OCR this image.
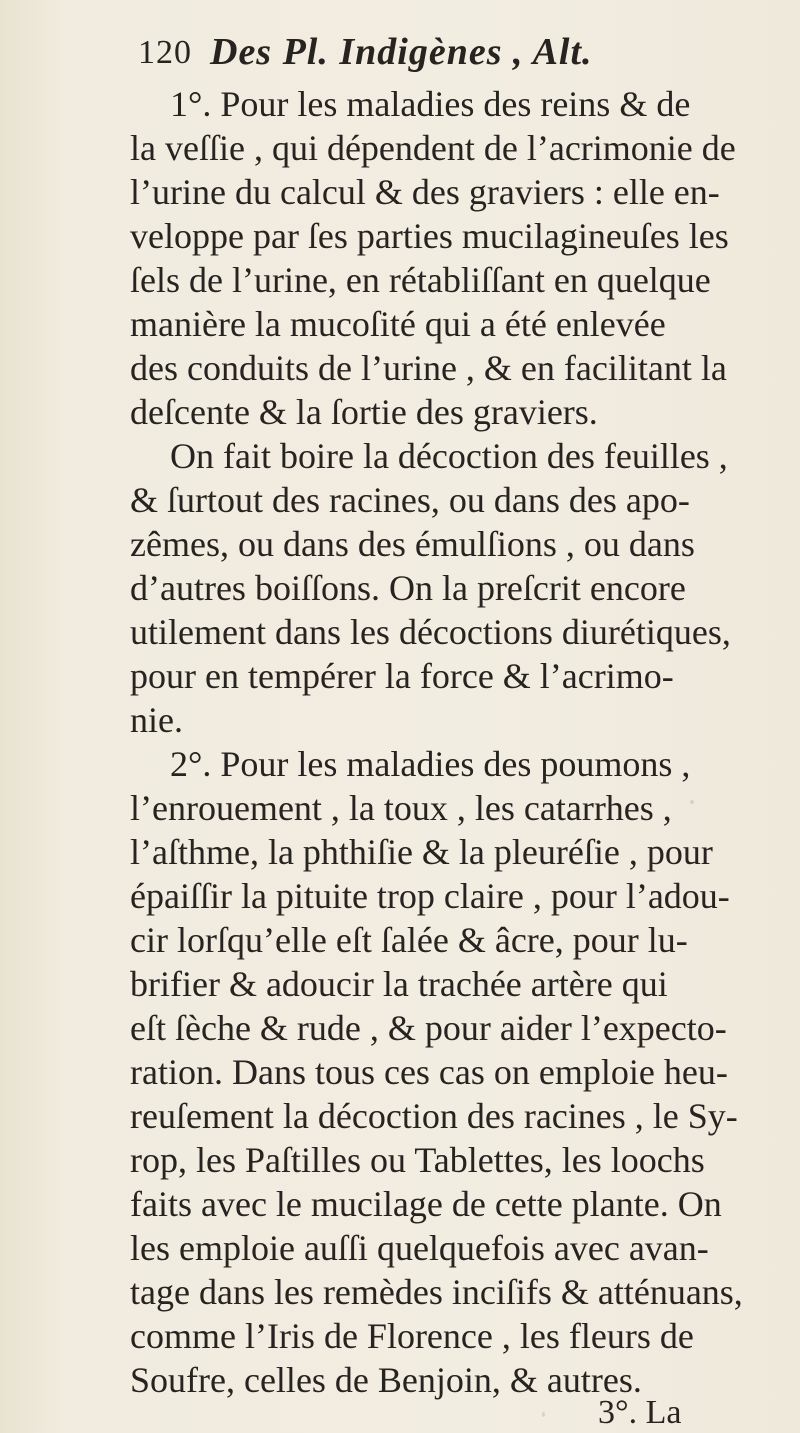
120 Des Pl. Indigènes , Alt.
1°. Pour les maladies des reins & de
la veſſie , qui dépendent de l’acrimonie de
l’urine du calcul & des graviers : elle en-
veloppe par ſes parties mucilagineuſes les
ſels de l’urine, en rétabliſſant en quelque
manière la mucoſité qui a été enlevée
des conduits de l’urine , & en facilitant la
deſcente & la ſortie des graviers.
On fait boire la décoction des feuilles ,
& ſurtout des racines, ou dans des apo-
zêmes, ou dans des émulſions , ou dans
d’autres boiſſons. On la preſcrit encore
utilement dans les décoctions diurétiques,
pour en tempérer la force & l’acrimo-
nie.
2°. Pour les maladies des poumons ,
l’enrouement , la toux , les catarrhes ,
l’aſthme, la phthiſie & la pleuréſie , pour
épaiſſir la pituite trop claire , pour l’adou-
cir lorſqu’elle eſt ſalée & âcre, pour lu-
brifier & adoucir la trachée artère qui
eſt ſèche & rude , & pour aider l’expecto-
ration. Dans tous ces cas on emploie heu-
reuſement la décoction des racines , le Sy-
rop, les Paſtilles ou Tablettes, les loochs
faits avec le mucilage de cette plante. On
les emploie auſſi quelquefois avec avan-
tage dans les remèdes inciſifs & atténuans,
comme l’Iris de Florence , les fleurs de
Soufre, celles de Benjoin, & autres.
3°. La
